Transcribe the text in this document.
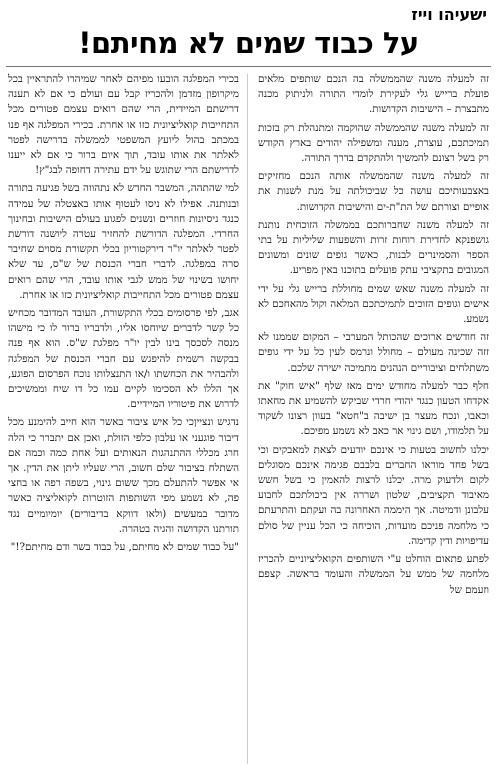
ישעיהו וייז
על כבוד שמים לא מחיתם!

זה למעלה משנה שהממשלה בה הנכם שותפים מלאים פועלת ברייש גלי לעקירת לומדי התורה ולניתוק מכנה מתבצרת – הישיבות הקדושות.

זה למעלה משנה שהממשלה שהוקמה ומתנהלת רק בזכות תמיכתכם, עוצרת, מענה ומשפילה יהודים בארץ הקודש רק בשל רצונם להמשיך ולהתקדם בדרך התורה.

זה למעלה משנה שהממשלה אותה הנכם מחזיקים באצבעותיכם עושה כל שביכולתה על מנת לשנות את אופיים וצורתם של הת"ת-ים והישיבות הקדושות.

זה למעלה משנה שחברותכם בממשלה הזוכחית נותנת גושפנקא לחדירת רוחות זרות והשפעות שליליות על בתי הספר והסמינרים לבנות, כאשר גופים שונים ומשונים המגובים בתקציבי עתק פועלים בתוכנו באין מפריע.

זה למעלה משנה שאש שמים מחוללת ברייש גלי על ידי אישים וגופים הזוכים לתמיכתכם המלאה וקול מהאחכם לא נשמע.

זה חודשים ארוכים שהכותל המערבי – המקום שממנו לא זזה שכינה מעולם – מחולל ונרמס לעין כל על ידי גופים משתלחים וציבוריים הנהנים מתמיכה ישירה שלכם.

חלף כבר למעלה מחודש ימים מאז שלף "איש חוק" את אקדחו הטעון כנגד יהודי חרדי שביקש להשמיע את מחאתו וכאבו, ונכח מעצר בן ישיבה ב"חטא" בעוון רצונו לשקוד על תלמודו, ושם גינוי אר כאב לא נשמע מפיכם.

יכלנו לחשוב בטעות כי אינכם יודעים לצאת למאבקים וכי בשל פחד מוראו החברים בלבבם פגימה אינכם מסוגלים לקום ולדעוק מרה. יכלנו לרצות להאמין כי בשל חשש מאיבוד תקציבים, שלטון ושררה אין ביכולתכם לחבוע עלבונן ודמיטה. אך היממה האחרונה בה ועקתם והתרעתם כי מלחמה פניכם מועדות, הוכיחה כי הכל עניין של סולם עדיפויות ודין קדימה.

לפתע פתאום הוחלט ע"י השותפים הקואליציוניים להכריז מלחמה של ממש על הממשלה והעומד בראשה. קצפם וזעמם של

בכירי המפלגה הובעו מפיהם לאחר שמיהרו להתראיין בכל מיקרופון מזדמן ולהכריז קבל עם ועולם כי אם לא תענה דרישתם המיידית, הרי שהם רואים עצמם פטורים מכל התחייבות קואליציונית כזו או אחרת. בכירי המפלגה אף פנו במכתב בהול ליועץ המשפטי לממשלה בדרישה לפטר לאלתר את אותו עובד, תוך איום ברור כי אם לא ייענו לדרישתם הרי שתוגש על ידם עתירה דחופה לבג"ץ!

למי שהתהה, המשבר החדש לא נתהווה בשל פגיעה בתורה ובנותנה. אפילו לא ניסו לעטוף אותו באצטלה של עמידה כנגד ניסיונות חוזרים ונשנים לפגוע בעולם הישיבות ובחינוך החרדי. המפלגה הדורשת להחזיר עטרה ליושנה דורשת לפטר לאלתר יו"ר דירקטוריון בכלי תקשורת מסוים שחיבר סרה במפלגה. לדברי חברי הכנסת של ש"ס, עד שלא יחושו בשינוי של ממש לגבי אותו עובד, הרי שהם רואים עצמם פטורים מכל התחייבות קואליציונית כזו או אחרת.

אגב, לפי פרסומים בכלי התקשורת, העובד המדובר מכחיש כל קשר לדברים שיוחסו אליו, ולדבריו ברור לו כי מישהו מנסה לסכסך בינו לבין יו"ר מפלגת ש"ס. הוא אף פנה בבקשה רשמית להיפגש עם חברי הכנסת של המפלגה ולהבהיר את הכחשתו ו/או התנצלותו נוכח הפרסום הפוגע, אך הללו לא הסכימו לקיים עמו כל דו שיח וממשיכים לדרוש את פיטוריו המיידיים.

נדגיש ונצייןכי כל איש ציבור באשר הוא חייב להימנע מכל דיבור פוגעני או עלבון כלפי הזולת, ואכן אם יתברר כי הלה חרג מכללי ההתנהגות הנאותים ועל אחת כמה וכמה אם השתלח בציבור שלם חשוב, הרי שעליו ליתן את הדין. אך אי אפשר להתעלם מכך ששום גינוי, בשפה רפה או בחצי פה, לא נשמע מפי השותפות הזוטרות לקואליציה כאשר מדובר במעשים (ולאו דווקא בדיבורים) יומיומיים נגד תורתנו הקדושה והגיה בטהרה.

"על כבוד שמים לא מחיתם, על כבוד בשר ודם מחיתם?!"
